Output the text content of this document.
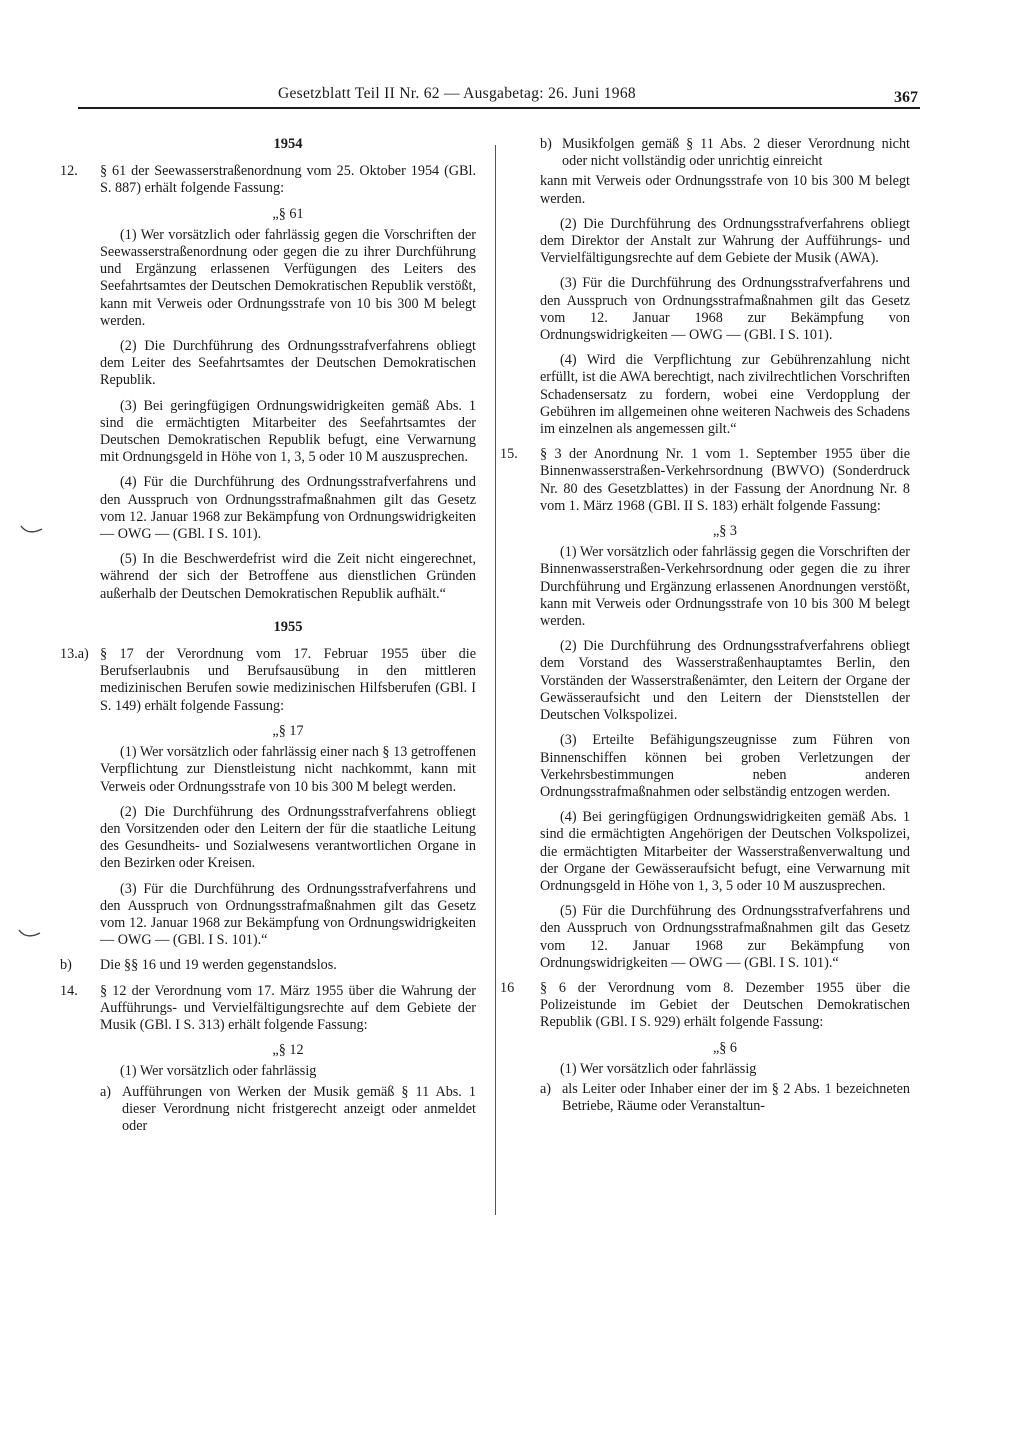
Gesetzblatt Teil II Nr. 62 — Ausgabetag: 26. Juni 1968	367
1954
12. § 61 der Seewasserstraßenordnung vom 25. Oktober 1954 (GBl. S. 887) erhält folgende Fassung:
„§ 61
(1) Wer vorsätzlich oder fahrlässig gegen die Vorschriften der Seewasserstraßenordnung oder gegen die zu ihrer Durchführung und Ergänzung erlassenen Verfügungen des Leiters des Seefahrtsamtes der Deutschen Demokratischen Republik verstößt, kann mit Verweis oder Ordnungsstrafe von 10 bis 300 M belegt werden.
(2) Die Durchführung des Ordnungsstrafverfahrens obliegt dem Leiter des Seefahrtsamtes der Deutschen Demokratischen Republik.
(3) Bei geringfügigen Ordnungswidrigkeiten gemäß Abs. 1 sind die ermächtigten Mitarbeiter des Seefahrtsamtes der Deutschen Demokratischen Republik befugt, eine Verwarnung mit Ordnungsgeld in Höhe von 1, 3, 5 oder 10 M auszusprechen.
(4) Für die Durchführung des Ordnungsstrafverfahrens und den Ausspruch von Ordnungsstrafmaßnahmen gilt das Gesetz vom 12. Januar 1968 zur Bekämpfung von Ordnungswidrigkeiten — OWG — (GBl. I S. 101).
(5) In die Beschwerdefrist wird die Zeit nicht eingerechnet, während der sich der Betroffene aus dienstlichen Gründen außerhalb der Deutschen Demokratischen Republik aufhält.“
1955
13.a) § 17 der Verordnung vom 17. Februar 1955 über die Berufserlaubnis und Berufsausübung in den mittleren medizinischen Berufen sowie medizinischen Hilfsberufen (GBl. I S. 149) erhält folgende Fassung:
„§ 17
(1) Wer vorsätzlich oder fahrlässig einer nach § 13 getroffenen Verpflichtung zur Dienstleistung nicht nachkommt, kann mit Verweis oder Ordnungsstrafe von 10 bis 300 M belegt werden.
(2) Die Durchführung des Ordnungsstrafverfahrens obliegt den Vorsitzenden oder den Leitern der für die staatliche Leitung des Gesundheits- und Sozialwesens verantwortlichen Organe in den Bezirken oder Kreisen.
(3) Für die Durchführung des Ordnungsstrafverfahrens und den Ausspruch von Ordnungsstrafmaßnahmen gilt das Gesetz vom 12. Januar 1968 zur Bekämpfung von Ordnungswidrigkeiten — OWG — (GBl. I S. 101).“
b) Die §§ 16 und 19 werden gegenstandslos.
14. § 12 der Verordnung vom 17. März 1955 über die Wahrung der Aufführungs- und Vervielfältigungsrechte auf dem Gebiete der Musik (GBl. I S. 313) erhält folgende Fassung:
„§ 12
(1) Wer vorsätzlich oder fahrlässig
a) Aufführungen von Werken der Musik gemäß § 11 Abs. 1 dieser Verordnung nicht fristgerecht anzeigt oder anmeldet oder
b) Musikfolgen gemäß § 11 Abs. 2 dieser Verordnung nicht oder nicht vollständig oder unrichtig einreicht
kann mit Verweis oder Ordnungsstrafe von 10 bis 300 M belegt werden.
(2) Die Durchführung des Ordnungsstrafverfahrens obliegt dem Direktor der Anstalt zur Wahrung der Aufführungs- und Vervielfältigungsrechte auf dem Gebiete der Musik (AWA).
(3) Für die Durchführung des Ordnungsstrafverfahrens und den Ausspruch von Ordnungsstrafmaßnahmen gilt das Gesetz vom 12. Januar 1968 zur Bekämpfung von Ordnungswidrigkeiten — OWG — (GBl. I S. 101).
(4) Wird die Verpflichtung zur Gebührenzahlung nicht erfüllt, ist die AWA berechtigt, nach zivilrechtlichen Vorschriften Schadensersatz zu fordern, wobei eine Verdopplung der Gebühren im allgemeinen ohne weiteren Nachweis des Schadens im einzelnen als angemessen gilt.“
15. § 3 der Anordnung Nr. 1 vom 1. September 1955 über die Binnenwasserstraßen-Verkehrsordnung (BWVO) (Sonderdruck Nr. 80 des Gesetzblattes) in der Fassung der Anordnung Nr. 8 vom 1. März 1968 (GBl. II S. 183) erhält folgende Fassung:
„§ 3
(1) Wer vorsätzlich oder fahrlässig gegen die Vorschriften der Binnenwasserstraßen-Verkehrsordnung oder gegen die zu ihrer Durchführung und Ergänzung erlassenen Anordnungen verstößt, kann mit Verweis oder Ordnungsstrafe von 10 bis 300 M belegt werden.
(2) Die Durchführung des Ordnungsstrafverfahrens obliegt dem Vorstand des Wasserstraßenhauptamtes Berlin, den Vorständen der Wasserstraßenämter, den Leitern der Organe der Gewässeraufsicht und den Leitern der Dienststellen der Deutschen Volkspolizei.
(3) Erteilte Befähigungszeugnisse zum Führen von Binnenschiffen können bei groben Verletzungen der Verkehrsbestimmungen neben anderen Ordnungsstrafmaßnahmen oder selbständig entzogen werden.
(4) Bei geringfügigen Ordnungswidrigkeiten gemäß Abs. 1 sind die ermächtigten Angehörigen der Deutschen Volkspolizei, die ermächtigten Mitarbeiter der Wasserstraßenverwaltung und der Organe der Gewässeraufsicht befugt, eine Verwarnung mit Ordnungsgeld in Höhe von 1, 3, 5 oder 10 M auszusprechen.
(5) Für die Durchführung des Ordnungsstrafverfahrens und den Ausspruch von Ordnungsstrafmaßnahmen gilt das Gesetz vom 12. Januar 1968 zur Bekämpfung von Ordnungswidrigkeiten — OWG — (GBl. I S. 101).“
16 § 6 der Verordnung vom 8. Dezember 1955 über die Polizeistunde im Gebiet der Deutschen Demokratischen Republik (GBl. I S. 929) erhält folgende Fassung:
„§ 6
(1) Wer vorsätzlich oder fahrlässig
a) als Leiter oder Inhaber einer der im § 2 Abs. 1 bezeichneten Betriebe, Räume oder Veranstaltun-
